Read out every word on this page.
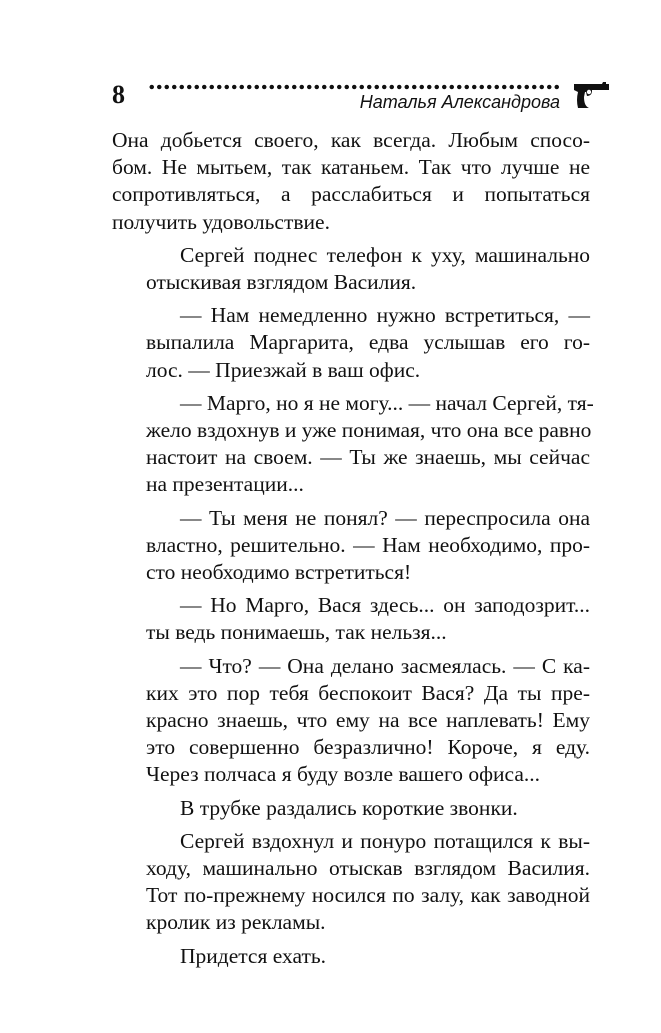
8	Наталья Александрова
Она добьется своего, как всегда. Любым спосо-
бом. Не мытьем, так катаньем. Так что лучше не
сопротивляться, а расслабиться и попытаться
получить удовольствие.
Сергей поднес телефон к уху, машинально
отыскивая взглядом Василия.
— Нам немедленно нужно встретиться, —
выпалила Маргарита, едва услышав его го-
лос. — Приезжай в ваш офис.
— Марго, но я не могу... — начал Сергей, тя-
жело вздохнув и уже понимая, что она все равно
настоит на своем. — Ты же знаешь, мы сейчас
на презентации...
— Ты меня не понял? — переспросила она
властно, решительно. — Нам необходимо, про-
сто необходимо встретиться!
— Но Марго, Вася здесь... он заподозрит...
ты ведь понимаешь, так нельзя...
— Что? — Она делано засмеялась. — С ка-
ких это пор тебя беспокоит Вася? Да ты пре-
красно знаешь, что ему на все наплевать! Ему
это совершенно безразлично! Короче, я еду.
Через полчаса я буду возле вашего офиса...
В трубке раздались короткие звонки.
Сергей вздохнул и понуро потащился к вы-
ходу, машинально отыскав взглядом Василия.
Тот по-прежнему носился по залу, как заводной
кролик из рекламы.
Придется ехать.
